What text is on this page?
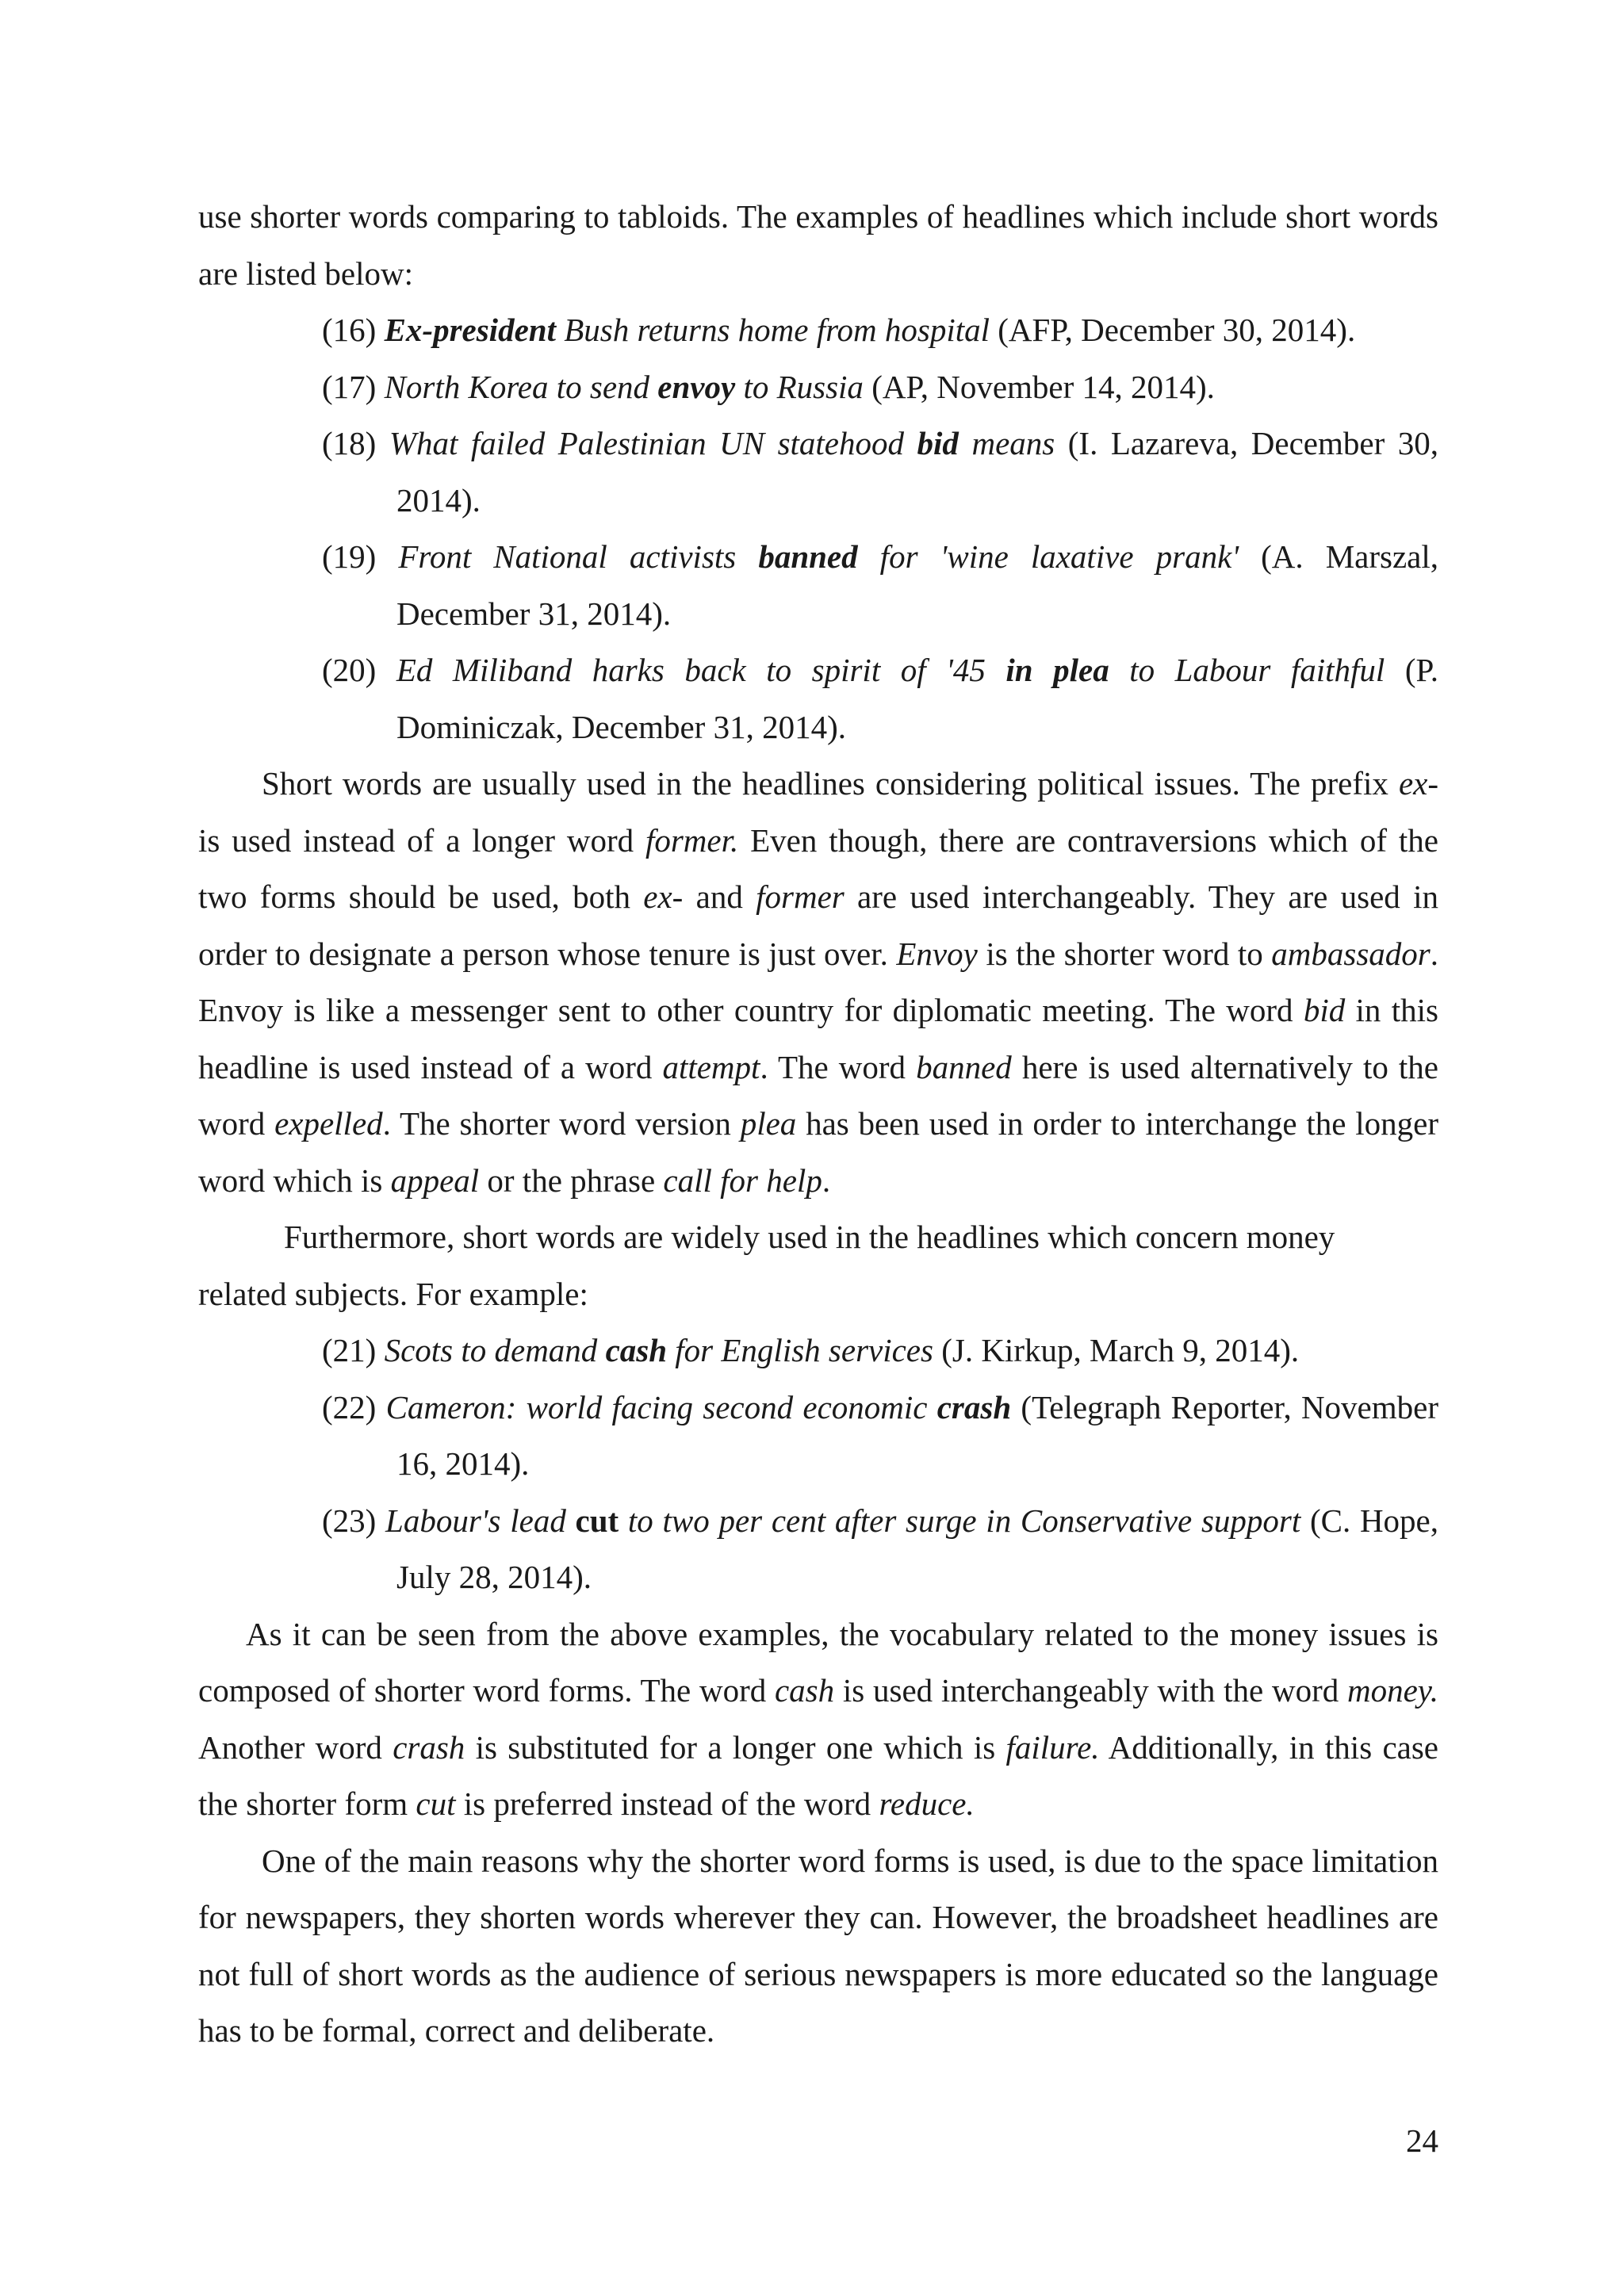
use shorter words comparing to tabloids. The examples of headlines which include short words are listed below:

(16) Ex-president Bush returns home from hospital (AFP, December 30, 2014).

(17) North Korea to send envoy to Russia (AP, November 14, 2014).

(18) What failed Palestinian UN statehood bid means (I. Lazareva, December 30, 2014).

(19) Front National activists banned for 'wine laxative prank' (A. Marszal, December 31, 2014).

(20) Ed Miliband harks back to spirit of '45 in plea to Labour faithful (P. Dominiczak, December 31, 2014).

Short words are usually used in the headlines considering political issues. The prefix ex- is used instead of a longer word former. Even though, there are contraversions which of the two forms should be used, both ex- and former are used interchangeably. They are used in order to designate a person whose tenure is just over. Envoy is the shorter word to ambassador. Envoy is like a messenger sent to other country for diplomatic meeting. The word bid in this headline is used instead of a word attempt. The word banned here is used alternatively to the word expelled. The shorter word version plea has been used in order to interchange the longer word which is appeal or the phrase call for help.

Furthermore, short words are widely used in the headlines which concern money

related subjects. For example:

(21) Scots to demand cash for English services (J. Kirkup, March 9, 2014).

(22) Cameron: world facing second economic crash (Telegraph Reporter, November 16, 2014).

(23) Labour's lead cut to two per cent after surge in Conservative support (C. Hope, July 28, 2014).

As it can be seen from the above examples, the vocabulary related to the money issues is composed of shorter word forms. The word cash is used interchangeably with the word money. Another word crash is substituted for a longer one which is failure. Additionally, in this case the shorter form cut is preferred instead of the word reduce.

One of the main reasons why the shorter word forms is used, is due to the space limitation for newspapers, they shorten words wherever they can. However, the broadsheet headlines are not full of short words as the audience of serious newspapers is more educated so the language has to be formal, correct and deliberate.

24
